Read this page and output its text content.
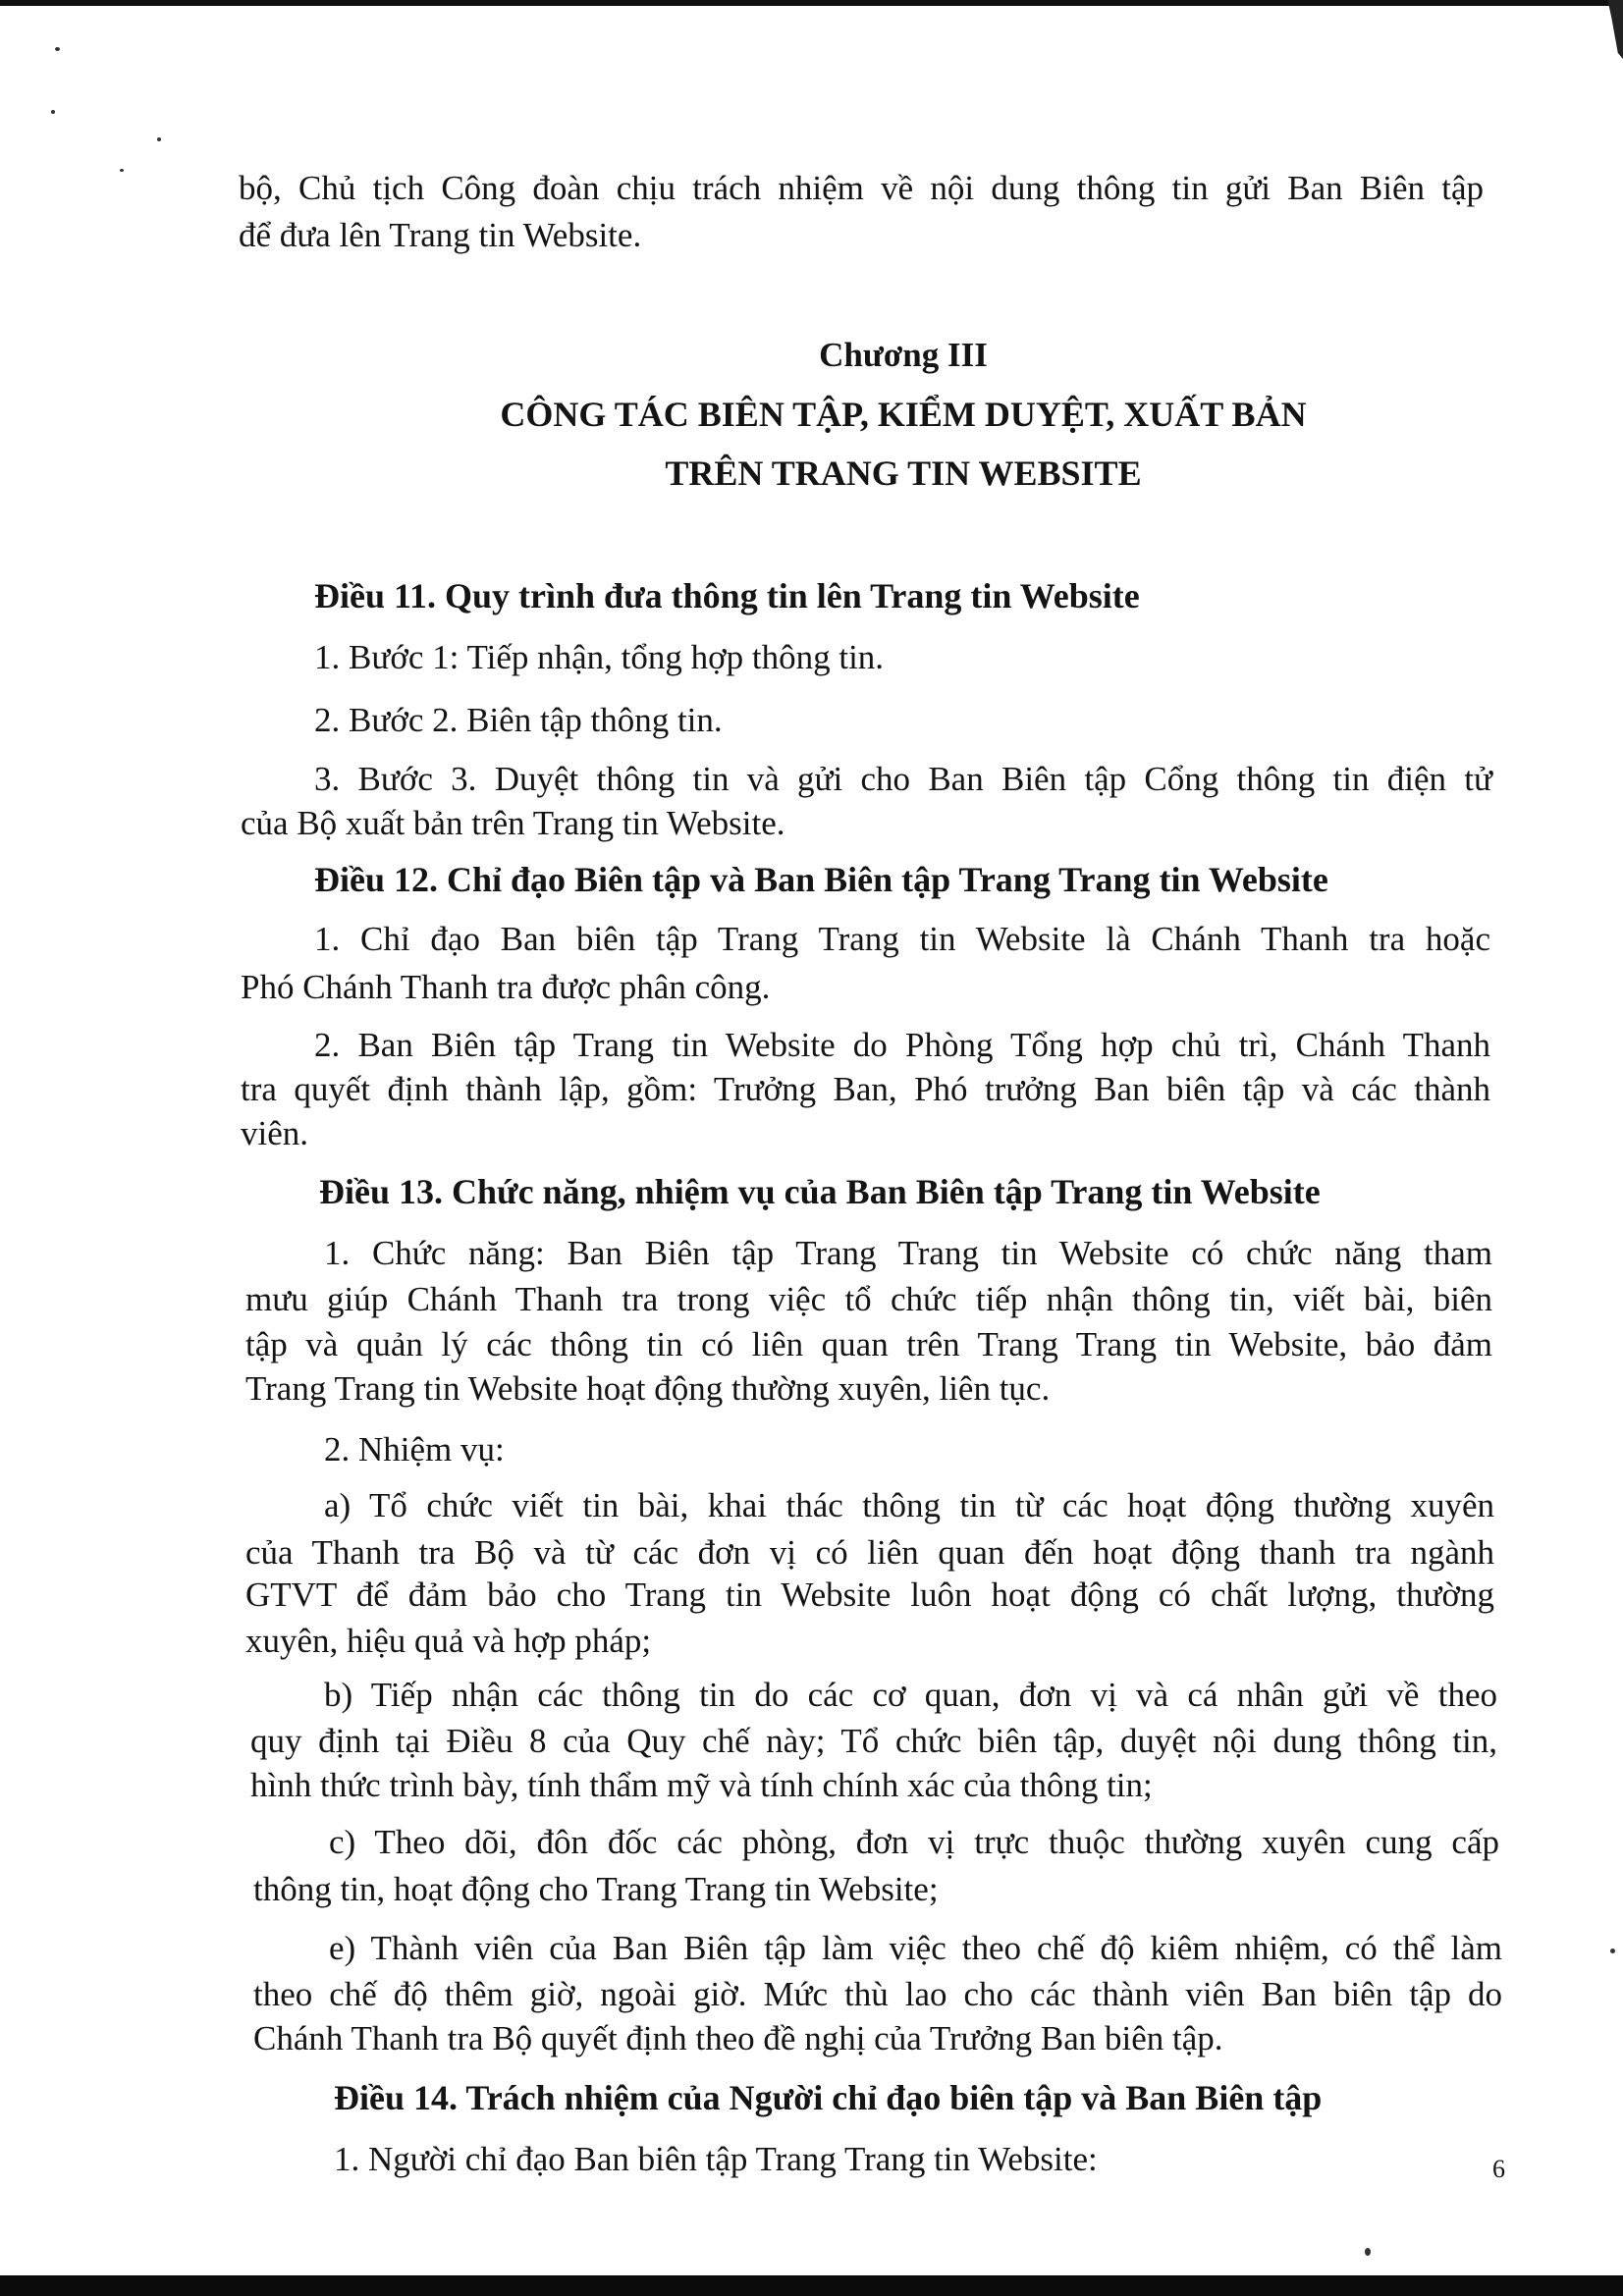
bộ, Chủ tịch Công đoàn chịu trách nhiệm về nội dung thông tin gửi Ban Biên tập
để đưa lên Trang tin Website.
Chương III
CÔNG TÁC BIÊN TẬP, KIỂM DUYỆT, XUẤT BẢN
TRÊN TRANG TIN WEBSITE
Điều 11. Quy trình đưa thông tin lên Trang tin Website
1. Bước 1: Tiếp nhận, tổng hợp thông tin.
2. Bước 2. Biên tập thông tin.
3. Bước 3. Duyệt thông tin và gửi cho Ban Biên tập Cổng thông tin điện tử
của Bộ xuất bản trên Trang tin Website.
Điều 12. Chỉ đạo Biên tập và Ban Biên tập Trang Trang tin Website
1. Chỉ đạo Ban biên tập Trang Trang tin Website là Chánh Thanh tra hoặc
Phó Chánh Thanh tra được phân công.
2. Ban Biên tập Trang tin Website do Phòng Tổng hợp chủ trì, Chánh Thanh
tra quyết định thành lập, gồm: Trưởng Ban, Phó trưởng Ban biên tập và các thành
viên.
Điều 13. Chức năng, nhiệm vụ của Ban Biên tập Trang tin Website
1. Chức năng: Ban Biên tập Trang Trang tin Website có chức năng tham
mưu giúp Chánh Thanh tra trong việc tổ chức tiếp nhận thông tin, viết bài, biên
tập và quản lý các thông tin có liên quan trên Trang Trang tin Website, bảo đảm
Trang Trang tin Website hoạt động thường xuyên, liên tục.
2. Nhiệm vụ:
a) Tổ chức viết tin bài, khai thác thông tin từ các hoạt động thường xuyên
của Thanh tra Bộ và từ các đơn vị có liên quan đến hoạt động thanh tra ngành
GTVT để đảm bảo cho Trang tin Website luôn hoạt động có chất lượng, thường
xuyên, hiệu quả và hợp pháp;
b) Tiếp nhận các thông tin do các cơ quan, đơn vị và cá nhân gửi về theo
quy định tại Điều 8 của Quy chế này; Tổ chức biên tập, duyệt nội dung thông tin,
hình thức trình bày, tính thẩm mỹ và tính chính xác của thông tin;
c) Theo dõi, đôn đốc các phòng, đơn vị trực thuộc thường xuyên cung cấp
thông tin, hoạt động cho Trang Trang tin Website;
e) Thành viên của Ban Biên tập làm việc theo chế độ kiêm nhiệm, có thể làm
theo chế độ thêm giờ, ngoài giờ. Mức thù lao cho các thành viên Ban biên tập do
Chánh Thanh tra Bộ quyết định theo đề nghị của Trưởng Ban biên tập.
Điều 14. Trách nhiệm của Người chỉ đạo biên tập và Ban Biên tập
1. Người chỉ đạo Ban biên tập Trang Trang tin Website:	6
